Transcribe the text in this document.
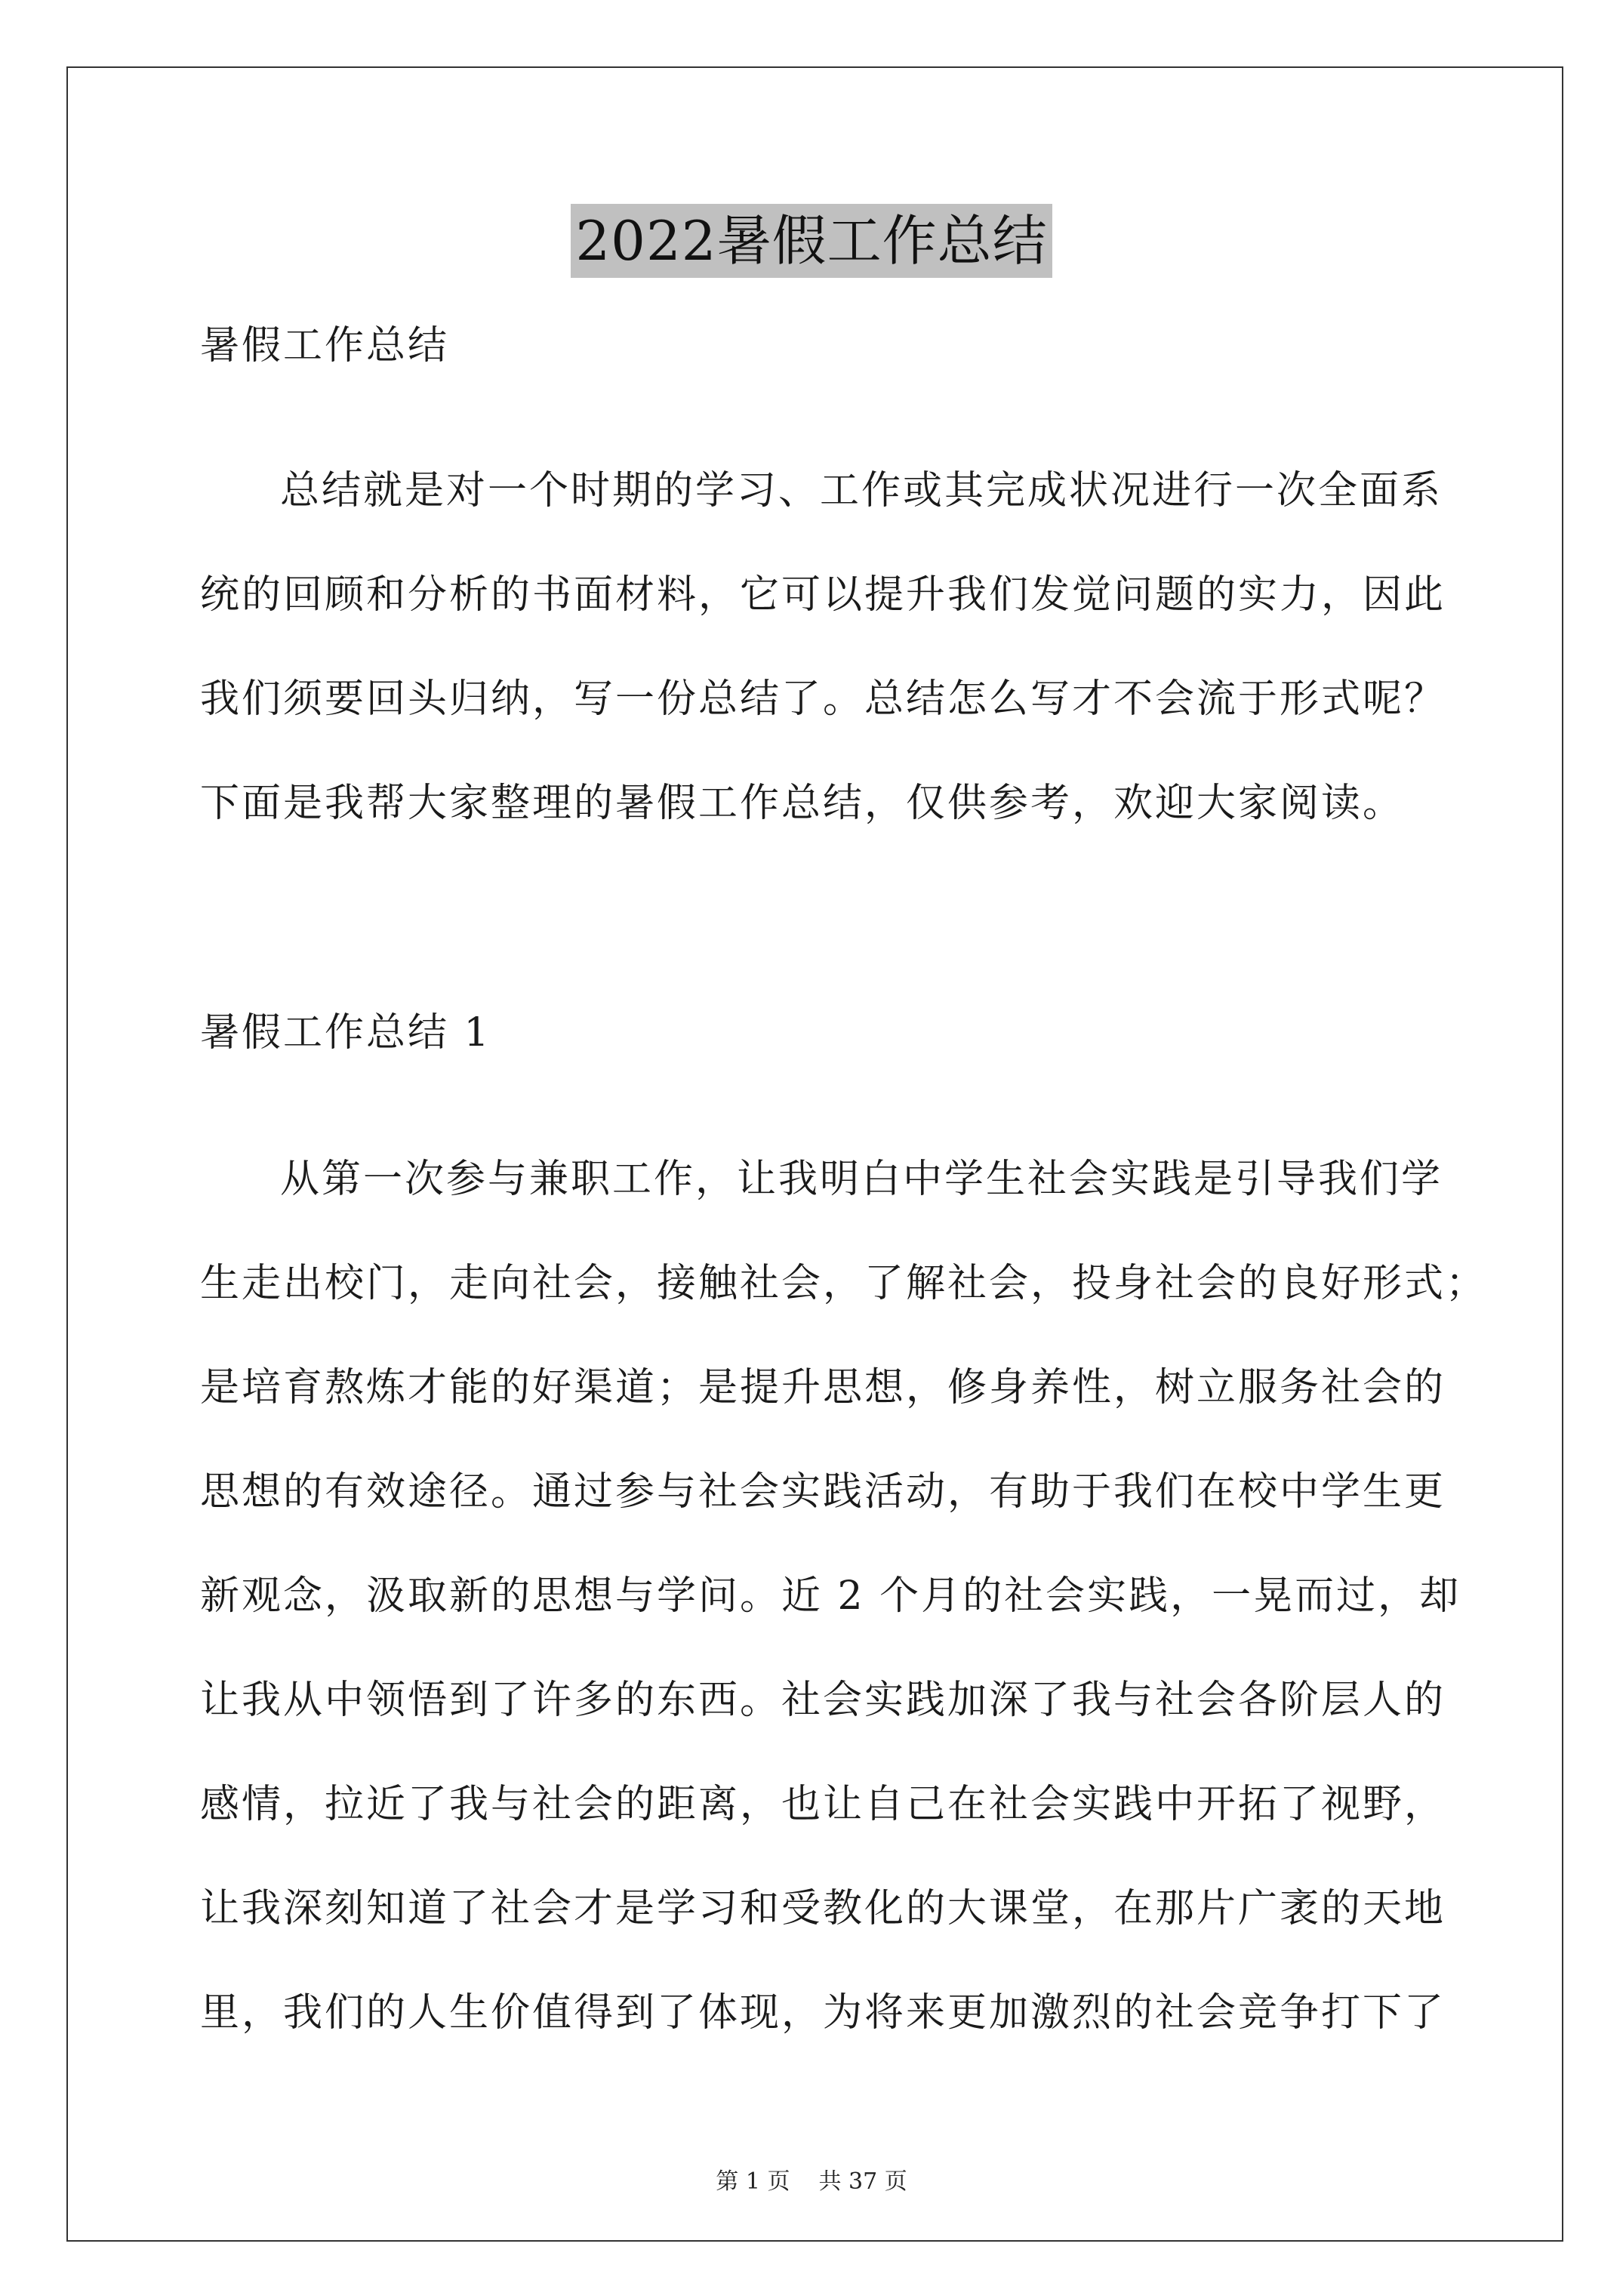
2022暑假工作总结
暑假工作总结
总结就是对一个时期的学习、工作或其完成状况进行一次全面系
统的回顾和分析的书面材料，它可以提升我们发觉问题的实力，因此
我们须要回头归纳，写一份总结了。总结怎么写才不会流于形式呢？
下面是我帮大家整理的暑假工作总结，仅供参考，欢迎大家阅读。
暑假工作总结 1
从第一次参与兼职工作，让我明白中学生社会实践是引导我们学
生走出校门，走向社会，接触社会，了解社会，投身社会的良好形式；
是培育熬炼才能的好渠道；是提升思想，修身养性，树立服务社会的
思想的有效途径。通过参与社会实践活动，有助于我们在校中学生更
新观念，汲取新的思想与学问。近 2 个月的社会实践，一晃而过，却
让我从中领悟到了许多的东西。社会实践加深了我与社会各阶层人的
感情，拉近了我与社会的距离，也让自己在社会实践中开拓了视野，
让我深刻知道了社会才是学习和受教化的大课堂，在那片广袤的天地
里，我们的人生价值得到了体现，为将来更加激烈的社会竞争打下了
第 1 页 共 37 页
